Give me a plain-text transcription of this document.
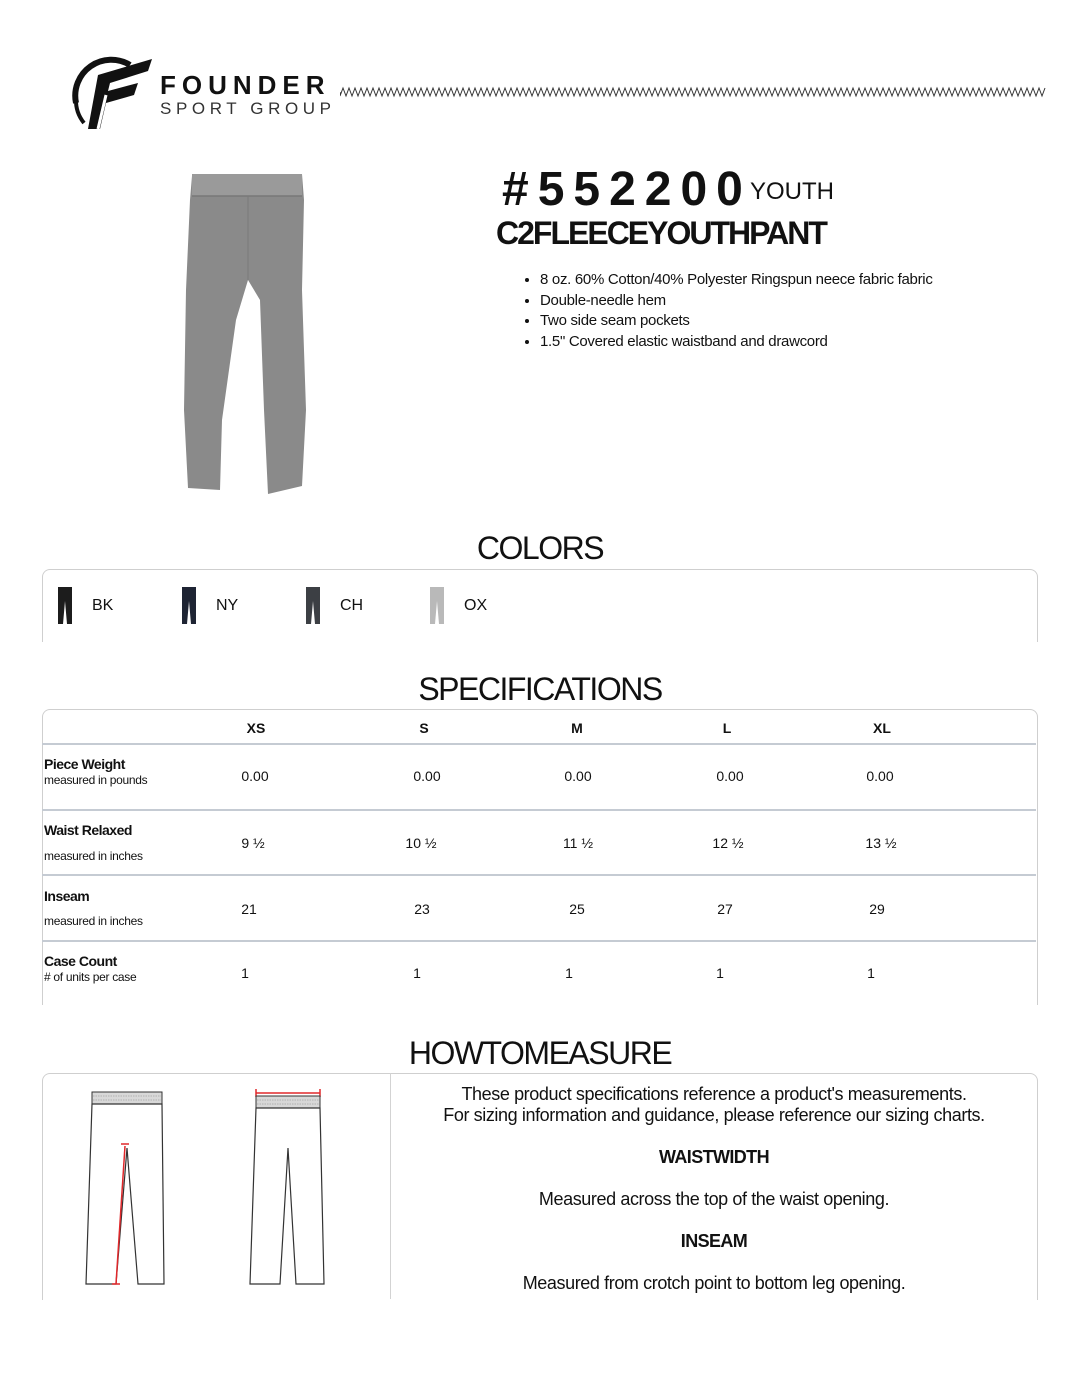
FOUNDER
SPORT GROUP
#552200
YOUTH
C2FLEECEYOUTHPANT
• 8 oz. 60% Cotton/40% Polyester Ringspun neece fabric fabric
• Double-needle hem
• Two side seam pockets
• 1.5" Covered elastic waistband and drawcord
COLORS
BK	NY	CH	OX
SPECIFICATIONS
XS	S	M	L	XL
Piece Weight
measured in pounds	0.00	0.00	0.00	0.00	0.00
Waist Relaxed
measured in inches
9 ½	10 ½	11 ½	12 ½	13 ½
Inseam
measured in inches
21	23	25	27	29
Case Count
# of units per case	1	1	1	1	1
HOWTOMEASURE
These product specifications reference a product's measurements.
For sizing information and guidance, please reference our sizing charts.
WAISTWIDTH
Measured across the top of the waist opening.
INSEAM
Measured from crotch point to bottom leg opening.
